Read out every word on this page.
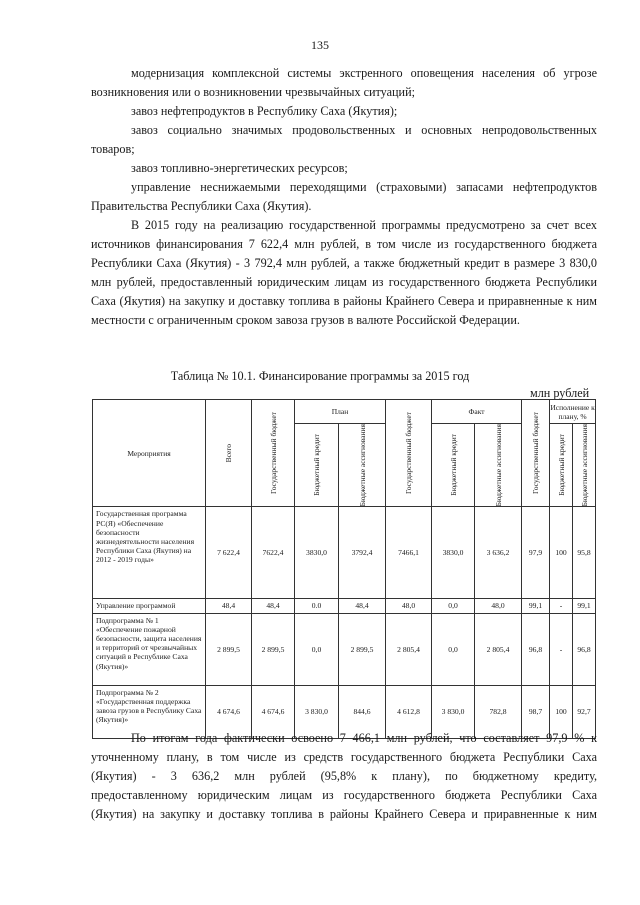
135

модернизация комплексной системы экстренного оповещения населения об угрозе

возникновения или о возникновении чрезвычайных ситуаций;

завоз нефтепродуктов в Республику Саха (Якутия);

завоз социально значимых продовольственных и основных непродовольственных

товаров;

завоз топливно-энергетических ресурсов;

управление неснижаемыми переходящими (страховыми) запасами нефтепродуктов

Правительства Республики Саха (Якутия).

В 2015 году на реализацию государственной программы предусмотрено за счет всех источников финансирования 7 622,4 млн рублей, в том числе из государственного бюджета Республики Саха (Якутия) - 3 792,4 млн рублей, а также бюджетный кредит в размере 3 830,0 млн рублей, предоставленный юридическим лицам из государственного бюджета Республики Саха (Якутия) на закупку и доставку топлива в районы Крайнего Севера и приравненные к ним местности с ограниченным сроком завоза грузов в валюте Российской Федерации.

Таблица № 10.1. Финансирование программы за 2015 год
млн рублей
Мероприятия	Всего	Государственный бюджет	План		Государственный бюджет	Факт		Государственный бюджет	Исполнение к плану, %	

			Бюджетный кредит	Бюджетные ассигнования		Бюджетный кредит	Бюджетные ассигнования		Бюджетный кредит	Бюджетные ассигнования

Государственная программа РС(Я) «Обеспечение безопасности жизнедеятельности населения Республики Саха (Якутия) на 2012 - 2019 годы»	7 622,4	7622,4	3830,0	3792,4	7466,1	3830,0	3 636,2	97,9	100	95,8
Управление программой	48,4	48,4	0.0	48,4	48,0	0,0	48,0	99,1	-	99,1
Подпрограмма № 1 «Обеспечение пожарной безопасности, защита населения и территорий от чрезвычайных ситуаций в Республике Саха (Якутия)»	2 899,5	2 899,5	0,0	2 899,5	2 805,4	0,0	2 805,4	96,8	-	96,8
Подпрограмма № 2 «Государственная поддержка завоза грузов в Республику Саха (Якутия)»	4 674,6	4 674,6	3 830,0	844,6	4 612,8	3 830,0	782,8	98,7	100	92,7

По итогам года фактически освоено 7 466,1 млн рублей, что составляет 97,9 % к

уточненному плану, в том числе из средств государственного бюджета Республики Саха

(Якутия) - 3 636,2 млн рублей (95,8% к плану), по бюджетному кредиту,

предоставленному юридическим лицам из государственного бюджета Республики Саха

(Якутия) на закупку и доставку топлива в районы Крайнего Севера и приравненные к ним
